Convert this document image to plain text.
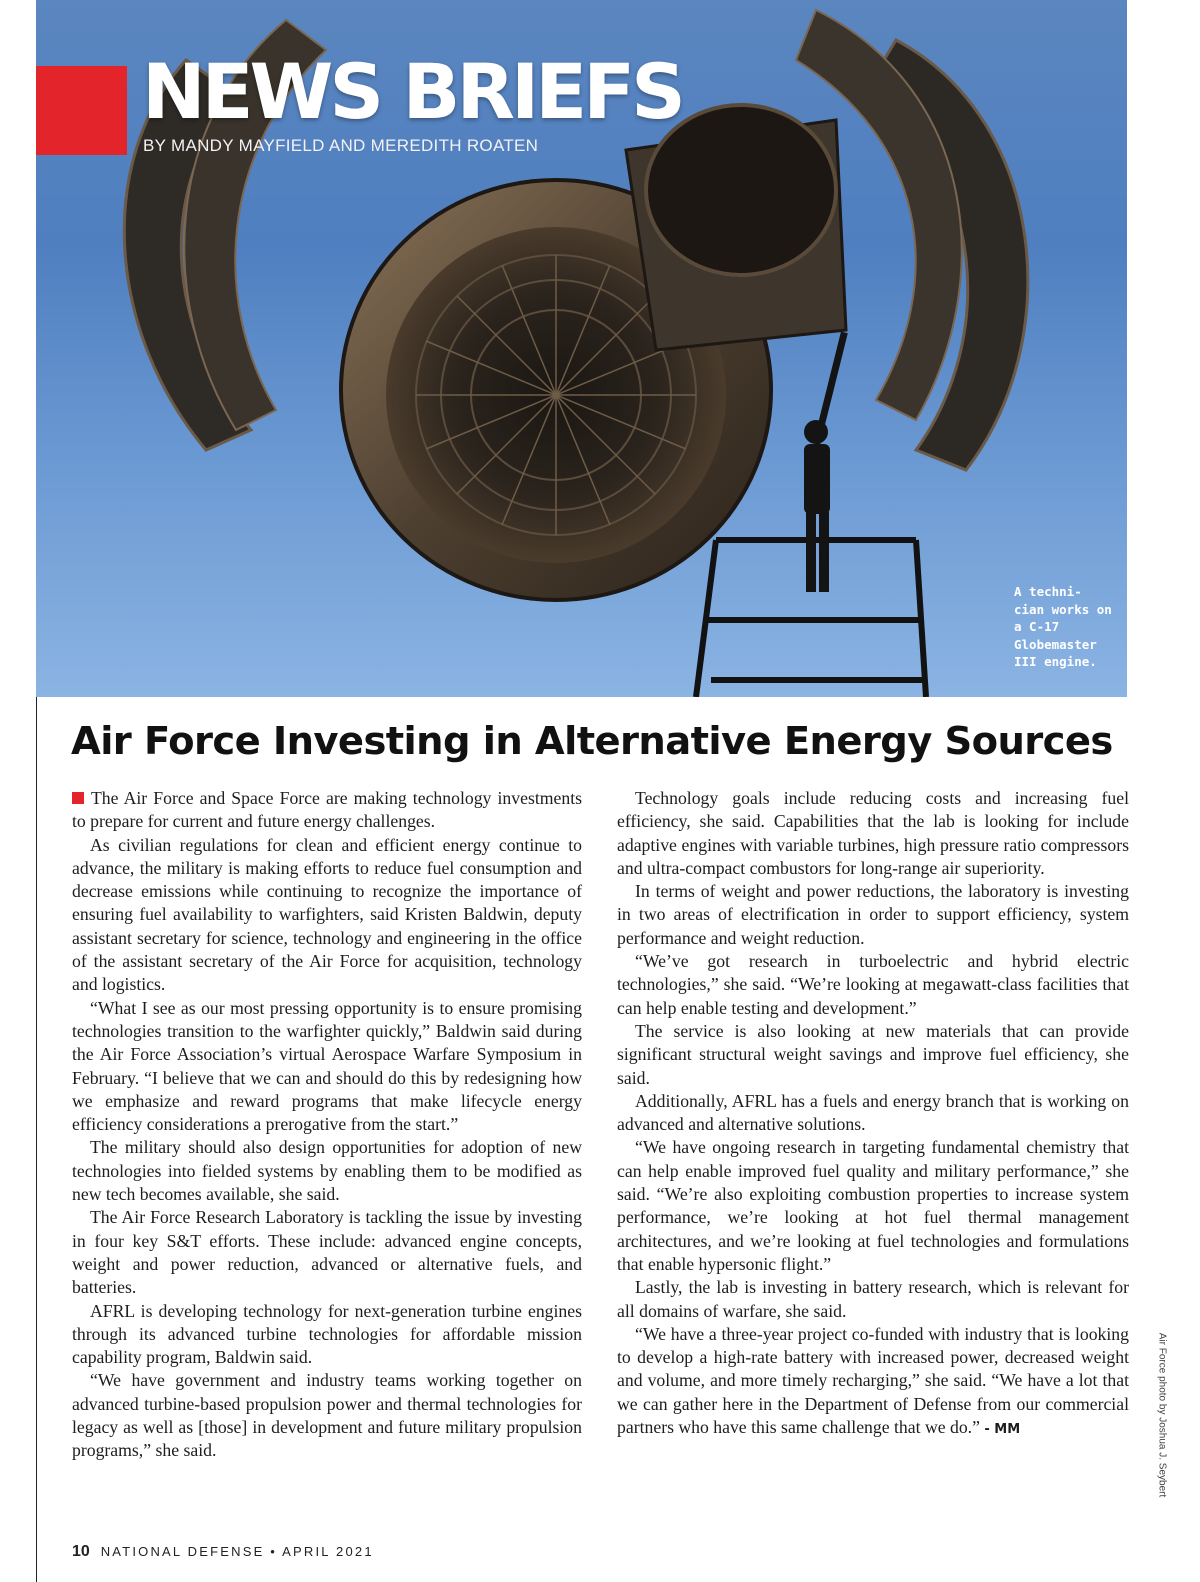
NEWS BRIEFS
BY MANDY MAYFIELD AND MEREDITH ROATEN
A techni- cian works on a C-17 Globemaster III engine.
Air Force Investing in Alternative Energy Sources

The Air Force and Space Force are making technology investments to prepare for current and future energy challenges.

As civilian regulations for clean and efficient energy continue to advance, the military is making efforts to reduce fuel consumption and decrease emissions while continuing to recognize the importance of ensuring fuel availability to warfighters, said Kristen Baldwin, deputy assistant secretary for science, technology and engineering in the office of the assistant secretary of the Air Force for acquisition, technology and logistics.

“What I see as our most pressing opportunity is to ensure promising technologies transition to the warfighter quickly,” Baldwin said during the Air Force Association’s virtual Aerospace Warfare Symposium in February. “I believe that we can and should do this by redesigning how we emphasize and reward programs that make lifecycle energy efficiency considerations a prerogative from the start.”

The military should also design opportunities for adoption of new technologies into fielded systems by enabling them to be modified as new tech becomes available, she said.

The Air Force Research Laboratory is tackling the issue by investing in four key S&T efforts. These include: advanced engine concepts, weight and power reduction, advanced or alternative fuels, and batteries.

AFRL is developing technology for next-generation turbine engines through its advanced turbine technologies for affordable mission capability program, Baldwin said.

“We have government and industry teams working together on advanced turbine-based propulsion power and thermal technologies for legacy as well as [those] in development and future military propulsion programs,” she said.

Technology goals include reducing costs and increasing fuel efficiency, she said. Capabilities that the lab is looking for include adaptive engines with variable turbines, high pressure ratio compressors and ultra-compact combustors for long-range air superiority.

In terms of weight and power reductions, the laboratory is investing in two areas of electrification in order to support efficiency, system performance and weight reduction.

“We’ve got research in turboelectric and hybrid electric technologies,” she said. “We’re looking at megawatt-class facilities that can help enable testing and development.”

The service is also looking at new materials that can provide significant structural weight savings and improve fuel efficiency, she said.

Additionally, AFRL has a fuels and energy branch that is working on advanced and alternative solutions.

“We have ongoing research in targeting fundamental chemistry that can help enable improved fuel quality and military performance,” she said. “We’re also exploiting combustion properties to increase system performance, we’re looking at hot fuel thermal management architectures, and we’re looking at fuel technologies and formulations that enable hypersonic flight.”

Lastly, the lab is investing in battery research, which is relevant for all domains of warfare, she said.

“We have a three-year project co-funded with industry that is looking to develop a high-rate battery with increased power, decreased weight and volume, and more timely recharging,” she said. “We have a lot that we can gather here in the Department of Defense from our commercial partners who have this same challenge that we do.” - MM	Air Force photo by Joshua J. Seybert
10 NATIONAL DEFENSE • APRIL 2021
